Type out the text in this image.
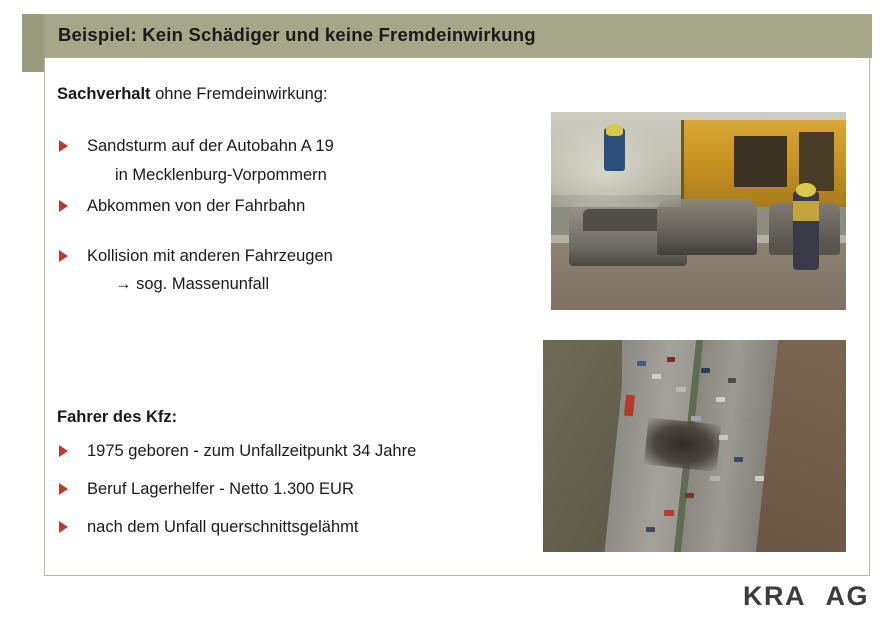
Beispiel: Kein Schädiger und keine Fremdeinwirkung
Sachverhalt ohne Fremdeinwirkung:
Sandsturm auf der Autobahn A 19
in Mecklenburg-Vorpommern
Abkommen von der Fahrbahn
Kollision mit anderen Fahrzeugen
→ sog. Massenunfall
Fahrer des Kfz:
1975 geboren - zum Unfallzeitpunkt 34 Jahre
Beruf Lagerhelfer - Netto 1.300 EUR
nach dem Unfall querschnittsgelähmt
KRAVAG
